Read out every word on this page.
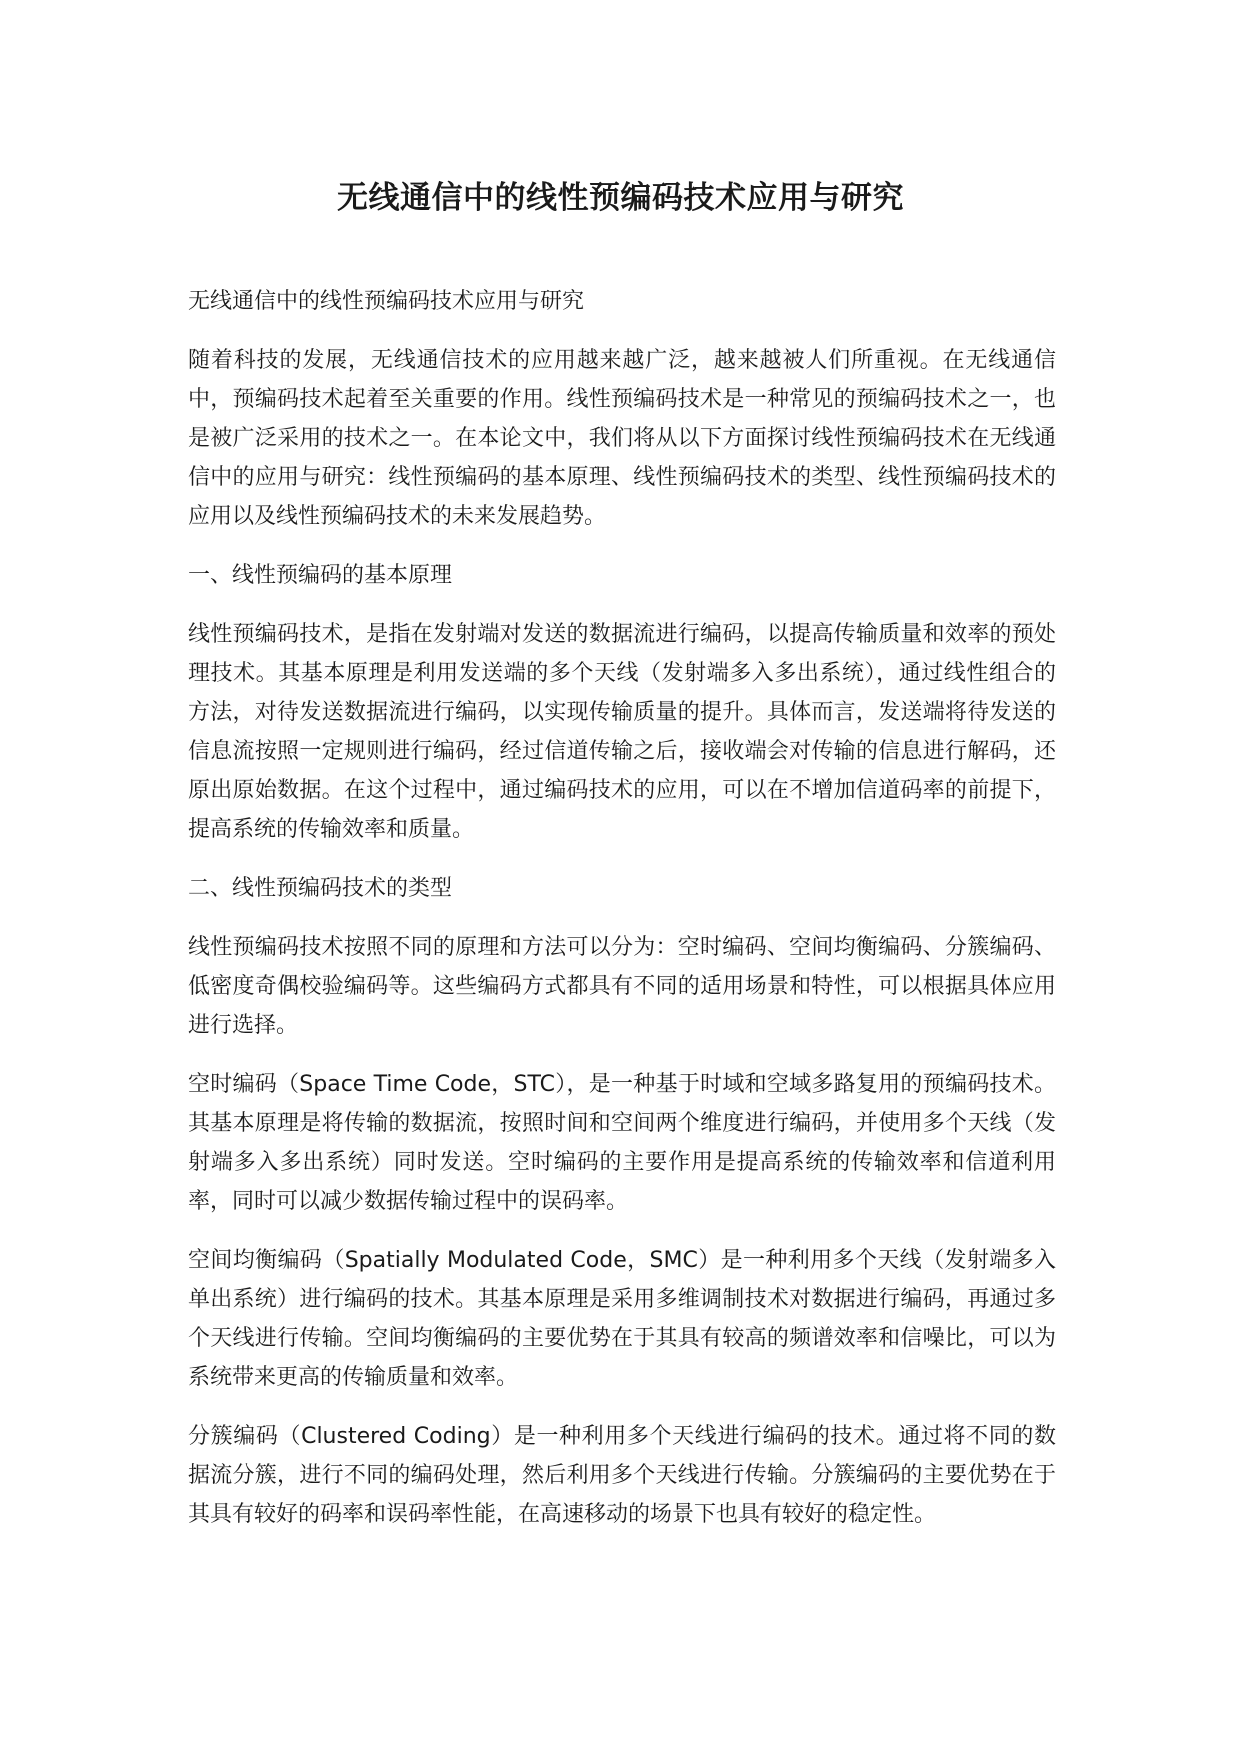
无线通信中的线性预编码技术应用与研究

无线通信中的线性预编码技术应用与研究

随着科技的发展，无线通信技术的应用越来越广泛，越来越被人们所重视。在无线通信中，预编码技术起着至关重要的作用。线性预编码技术是一种常见的预编码技术之一，也是被广泛采用的技术之一。在本论文中，我们将从以下方面探讨线性预编码技术在无线通信中的应用与研究：线性预编码的基本原理、线性预编码技术的类型、线性预编码技术的应用以及线性预编码技术的未来发展趋势。

一、线性预编码的基本原理

线性预编码技术，是指在发射端对发送的数据流进行编码，以提高传输质量和效率的预处理技术。其基本原理是利用发送端的多个天线（发射端多入多出系统），通过线性组合的方法，对待发送数据流进行编码，以实现传输质量的提升。具体而言，发送端将待发送的信息流按照一定规则进行编码，经过信道传输之后，接收端会对传输的信息进行解码，还原出原始数据。在这个过程中，通过编码技术的应用，可以在不增加信道码率的前提下，提高系统的传输效率和质量。

二、线性预编码技术的类型

线性预编码技术按照不同的原理和方法可以分为：空时编码、空间均衡编码、分簇编码、低密度奇偶校验编码等。这些编码方式都具有不同的适用场景和特性，可以根据具体应用进行选择。

空时编码（Space Time Code，STC），是一种基于时域和空域多路复用的预编码技术。其基本原理是将传输的数据流，按照时间和空间两个维度进行编码，并使用多个天线（发射端多入多出系统）同时发送。空时编码的主要作用是提高系统的传输效率和信道利用率，同时可以减少数据传输过程中的误码率。

空间均衡编码（Spatially Modulated Code，SMC）是一种利用多个天线（发射端多入单出系统）进行编码的技术。其基本原理是采用多维调制技术对数据进行编码，再通过多个天线进行传输。空间均衡编码的主要优势在于其具有较高的频谱效率和信噪比，可以为系统带来更高的传输质量和效率。

分簇编码（Clustered Coding）是一种利用多个天线进行编码的技术。通过将不同的数据流分簇，进行不同的编码处理，然后利用多个天线进行传输。分簇编码的主要优势在于其具有较好的码率和误码率性能，在高速移动的场景下也具有较好的稳定性。
